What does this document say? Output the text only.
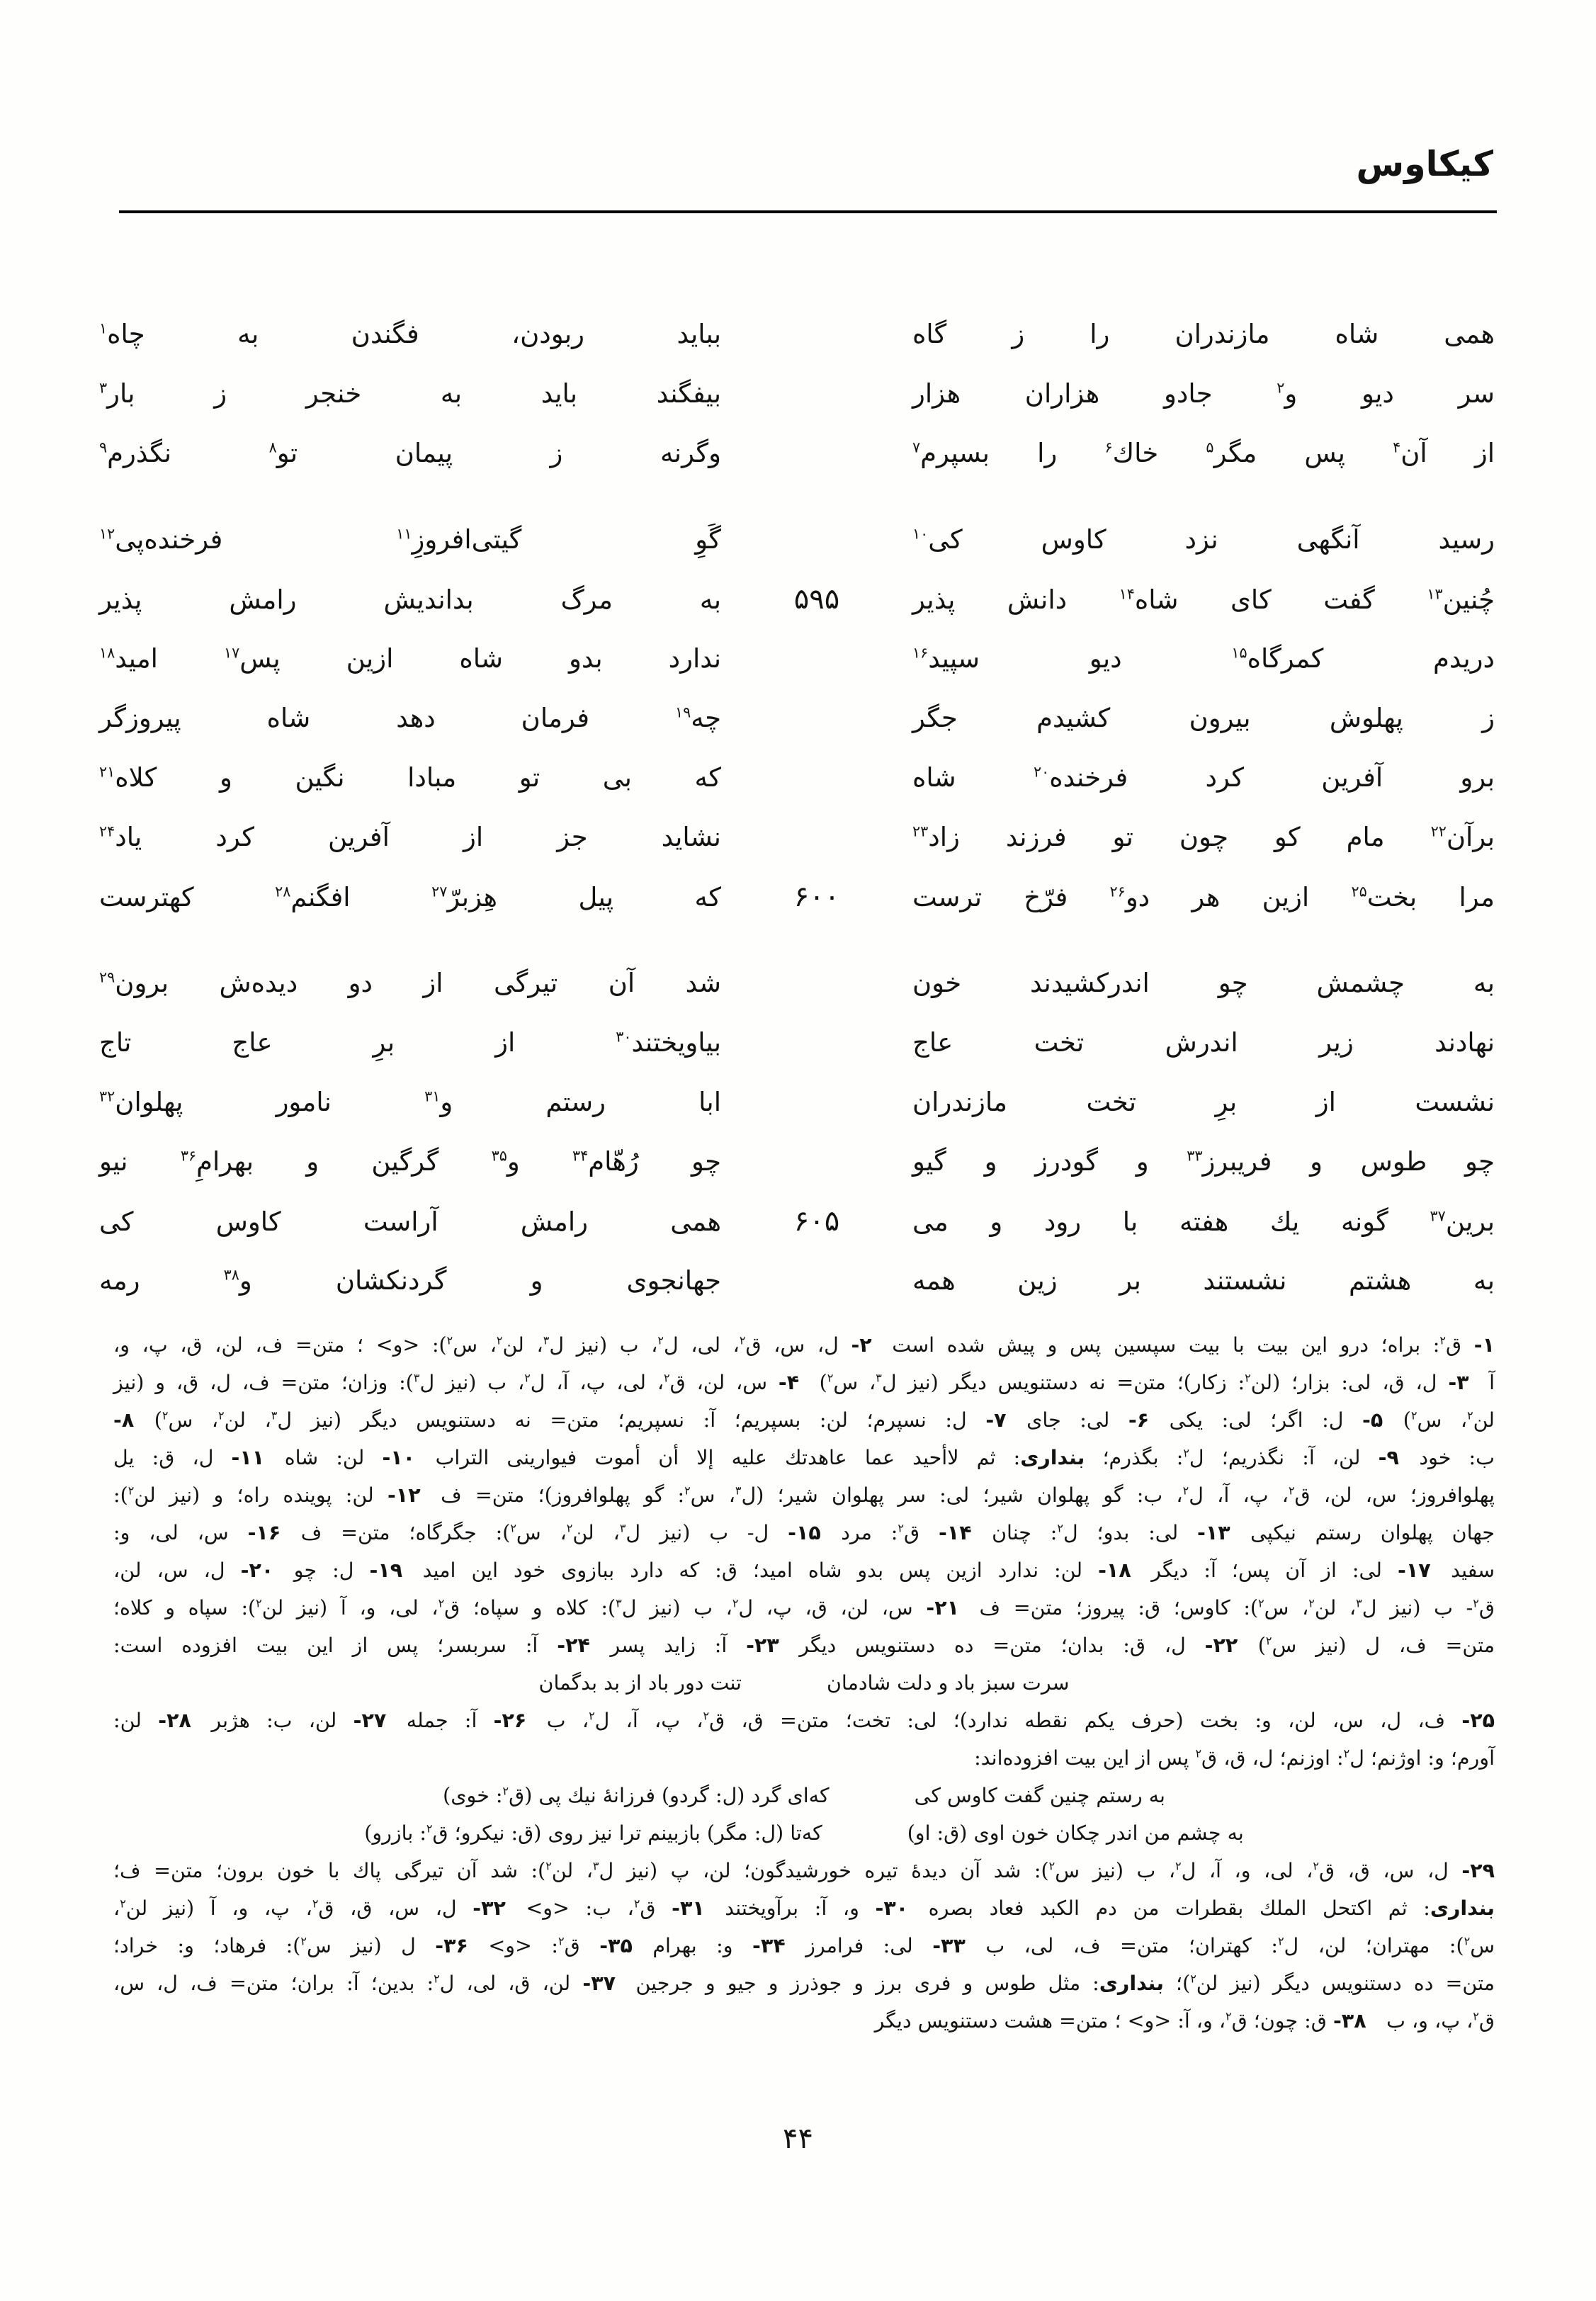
کیکاوس
همی شاه مازندران را ز گاه
بباید ربودن، فگندن به چاه$^۱$
سر دیو و$^۲$ جادو هزاران هزار
بیفگند باید به خنجر ز بار$^۳$
از آن$^۴$ پس مگر$^۵$ خاك$^۶$ را بسپرم$^۷$
وگرنه ز پیمان تو$^۸$ نگذرم$^۹$
رسید آنگهی نزد کاوس کی$^{۱۰}$
گَوِ گیتی‌افروزِ$^{۱۱}$ فرخنده‌پی$^{۱۲}$
چُنین$^{۱۳}$ گفت کای شاه$^{۱۴}$ دانش پذیر
۵۹۵
به مرگ بداندیش رامش پذیر
دریدم کمرگاه$^{۱۵}$ دیو سپید$^{۱۶}$
ندارد بدو شاه ازین پس$^{۱۷}$ امید$^{۱۸}$
ز پهلوش بیرون کشیدم جگر
چه$^{۱۹}$ فرمان دهد شاه پیروزگر
برو آفرین کرد فرخنده$^{۲۰}$ شاه
که بی تو مبادا نگین و کلاه$^{۲۱}$
برآن$^{۲۲}$ مام کو چون تو فرزند زاد$^{۲۳}$
نشاید جز از آفرین کرد یاد$^{۲۴}$
مرا بخت$^{۲۵}$ ازین هر دو$^{۲۶}$ فرّخ ترست
۶۰۰
که پیل هِزبرّ$^{۲۷}$ افگنم$^{۲۸}$ کهترست
به چشمش چو اندرکشیدند خون
شد آن تیرگی از دو دیده‌ش برون$^{۲۹}$
نهادند زیر اندرش تخت عاج
بیاویختند$^{۳۰}$ از برِ عاج تاج
نشست از برِ تخت مازندران
ابا رستم و$^{۳۱}$ نامور پهلوان$^{۳۲}$
چو طوس و فریبرز$^{۳۳}$ و گودرز و گیو
چو رُهّام$^{۳۴}$ و$^{۳۵}$ گرگین و بهرامِ$^{۳۶}$ نیو
برین$^{۳۷}$ گونه یك هفته با رود و می
۶۰۵
همی رامش آراست کاوس کی
به هشتم نشستند بر زین همه
جهانجوی و گردنکشان و$^{۳۸}$ رمه
۱- ق$^۲$: براه؛ درو این بیت با بیت سپسین پس و پیش شده است ۲- ل، س، ق$^۲$، لی، ل$^۲$، ب (نیز ل$^۳$، لن$^۲$، س$^۲$): <و> ؛ متن= ف، لن، ق، پ، و،
آ ۳- ل، ق، لی: بزار؛ (لن$^۲$: زکار)؛ متن= نه دستنویس دیگر (نیز ل$^۳$، س$^۲$) ۴- س، لن، ق$^۲$، لی، پ، آ، ل$^۲$، ب (نیز ل$^۳$): وزان؛ متن= ف، ل، ق، و (نیز
لن$^۲$، س$^۲$) ۵- ل: اگر؛ لی: یکی ۶- لی: جای ۷- ل: نسپرم؛ لن: بسپریم؛ آ: نسپریم؛ متن= نه دستنویس دیگر (نیز ل$^۳$، لن$^۲$، س$^۲$) ۸-
ب: خود ۹- لن، آ: نگذریم؛ ل$^۲$: بگذرم؛ بنداری: ثم لاأحید عما عاهدتك علیه إلا أن أموت فیوارینی التراب ۱۰- لن: شاه ۱۱- ل، ق: یل
پهلوافروز؛ س، لن، ق$^۲$، پ، آ، ل$^۲$، ب: گو پهلوان شیر؛ لی: سر پهلوان شیر؛ (ل$^۳$، س$^۲$: گو پهلوافروز)؛ متن= ف ۱۲- لن: پوینده راه؛ و (نیز لن$^۲$):
جهان پهلوان رستم نیکپی ۱۳- لی: بدو؛ ل$^۲$: چنان ۱۴- ق$^۲$: مرد ۱۵- ل- ب (نیز ل$^۳$، لن$^۲$، س$^۲$): جگرگاه؛ متن= ف ۱۶- س، لی، و:
سفید ۱۷- لی: از آن پس؛ آ: دیگر ۱۸- لن: ندارد ازین پس بدو شاه امید؛ ق: که دارد ببازوی خود این امید ۱۹- ل: چو ۲۰- ل، س، لن،
ق$^۲$- ب (نیز ل$^۳$، لن$^۲$، س$^۲$): کاوس؛ ق: پیروز؛ متن= ف ۲۱- س، لن، ق، پ، ل$^۲$، ب (نیز ل$^۳$): کلاه و سپاه؛ ق$^۲$، لی، و، آ (نیز لن$^۲$): سپاه و کلاه؛
متن= ف، ل (نیز س$^۲$) ۲۲- ل، ق: بدان؛ متن= ده دستنویس دیگر ۲۳- آ: زاید پسر ۲۴- آ: سربسر؛ پس از این بیت افزوده است:
سرت سبز باد و دلت شادمان
تنت دور باد از بد بدگمان
۲۵- ف، ل، س، لن، و: بخت (حرف یکم نقطه ندارد)؛ لی: تخت؛ متن= ق، ق$^۲$، پ، آ، ل$^۲$، ب ۲۶- آ: جمله ۲۷- لن، ب: هژبر ۲۸- لن:
آورم؛ و: اوژنم؛ ل$^۲$: اوزنم؛ ل، ق، ق$^۲$ پس از این بیت افزوده‌اند:
به رستم چنین گفت کاوس کی
که‌ای گرد (ل: گردو) فرزانهٔ نیك پی (ق$^۲$: خوی)
به چشم من اندر چکان خون اوی (ق: او)
که‌تا (ل: مگر) بازبینم ترا نیز روی (ق: نیکرو؛ ق$^۲$: بازرو)
۲۹- ل، س، ق، ق$^۲$، لی، و، آ، ل$^۲$، ب (نیز س$^۲$): شد آن دیدهٔ تیره خورشیدگون؛ لن، پ (نیز ل$^۳$، لن$^۲$): شد آن تیرگی پاك با خون برون؛ متن= ف؛
بنداری: ثم اکتحل الملك بقطرات من دم الکبد فعاد بصره ۳۰- و، آ: برآویختند ۳۱- ق$^۲$، ب: <و> ۳۲- ل، س، ق، ق$^۲$، پ، و، آ (نیز لن$^۲$،
س$^۲$): مهتران؛ لن، ل$^۲$: کهتران؛ متن= ف، لی، ب ۳۳- لی: فرامرز ۳۴- و: بهرام ۳۵- ق$^۲$: <و> ۳۶- ل (نیز س$^۲$): فرهاد؛ و: خراد؛
متن= ده دستنویس دیگر (نیز لن$^۲$)؛ بنداری: مثل طوس و فری برز و جوذرز و جیو و جرجین ۳۷- لن، ق، لی، ل$^۲$: بدین؛ آ: بران؛ متن= ف، ل، س،
ق$^۲$، پ، و، ب ۳۸- ق: چون؛ ق$^۲$، و، آ: <و> ؛ متن= هشت دستنویس دیگر
۴۴
